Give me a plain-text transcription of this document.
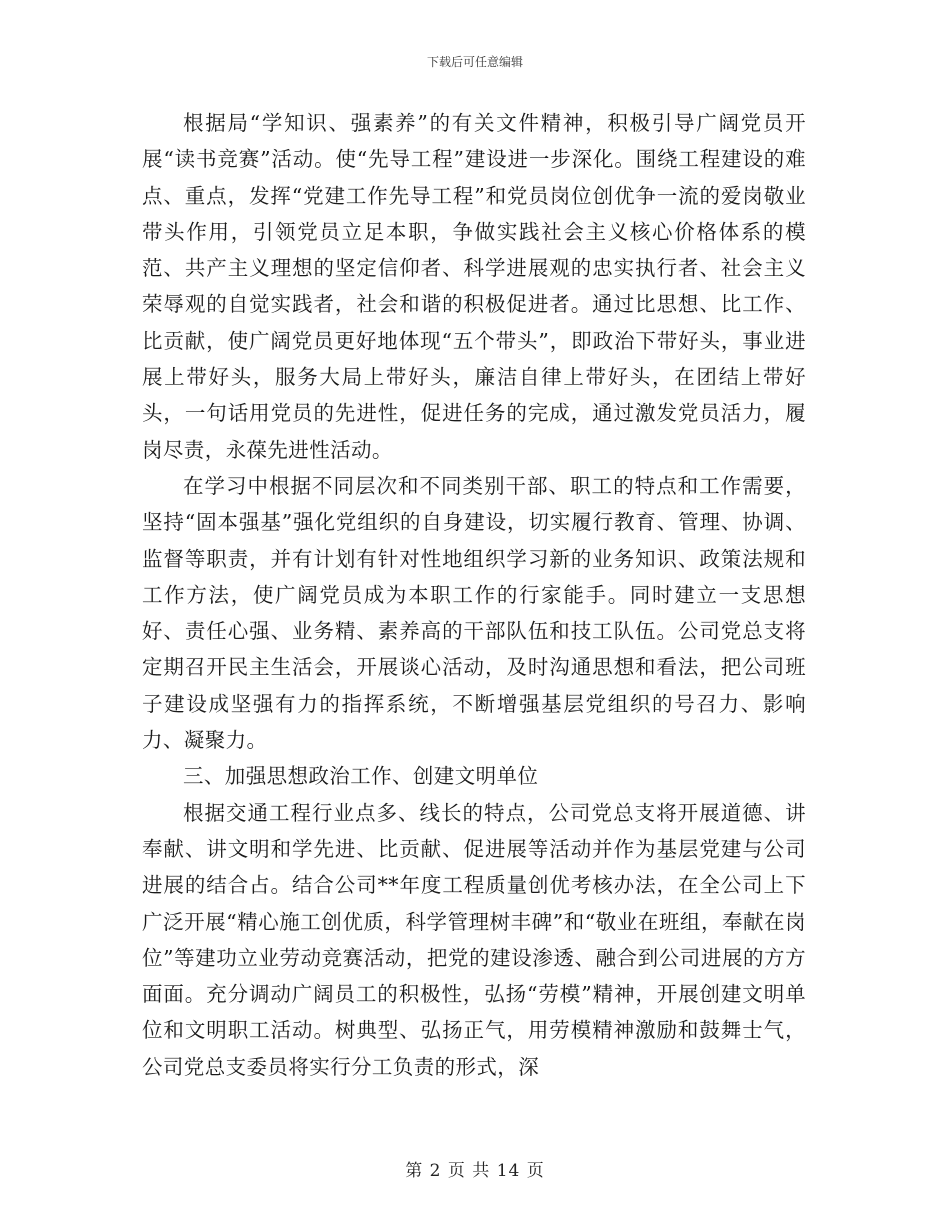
下载后可任意编辑

根据局“学知识、强素养”的有关文件精神，积极引导广阔党员开展“读书竞赛”活动。使“先导工程”建设进一步深化。围绕工程建设的难点、重点，发挥“党建工作先导工程”和党员岗位创优争一流的爱岗敬业带头作用，引领党员立足本职，争做实践社会主义核心价格体系的模范、共产主义理想的坚定信仰者、科学进展观的忠实执行者、社会主义荣辱观的自觉实践者，社会和谐的积极促进者。通过比思想、比工作、比贡献，使广阔党员更好地体现“五个带头”，即政治下带好头，事业进展上带好头，服务大局上带好头，廉洁自律上带好头，在团结上带好头，一句话用党员的先进性，促进任务的完成，通过激发党员活力，履岗尽责，永葆先进性活动。

在学习中根据不同层次和不同类别干部、职工的特点和工作需要，坚持“固本强基”强化党组织的自身建设，切实履行教育、管理、协调、监督等职责，并有计划有针对性地组织学习新的业务知识、政策法规和工作方法，使广阔党员成为本职工作的行家能手。同时建立一支思想好、责任心强、业务精、素养高的干部队伍和技工队伍。公司党总支将定期召开民主生活会，开展谈心活动，及时沟通思想和看法，把公司班子建设成坚强有力的指挥系统，不断增强基层党组织的号召力、影响力、凝聚力。

三、加强思想政治工作、创建文明单位

根据交通工程行业点多、线长的特点，公司党总支将开展道德、讲奉献、讲文明和学先进、比贡献、促进展等活动并作为基层党建与公司进展的结合占。结合公司**年度工程质量创优考核办法，在全公司上下广泛开展“精心施工创优质，科学管理树丰碑”和“敬业在班组，奉献在岗位”等建功立业劳动竞赛活动，把党的建设渗透、融合到公司进展的方方面面。充分调动广阔员工的积极性，弘扬“劳模”精神，开展创建文明单位和文明职工活动。树典型、弘扬正气，用劳模精神激励和鼓舞士气，公司党总支委员将实行分工负责的形式，深

第 2 页 共 14 页
